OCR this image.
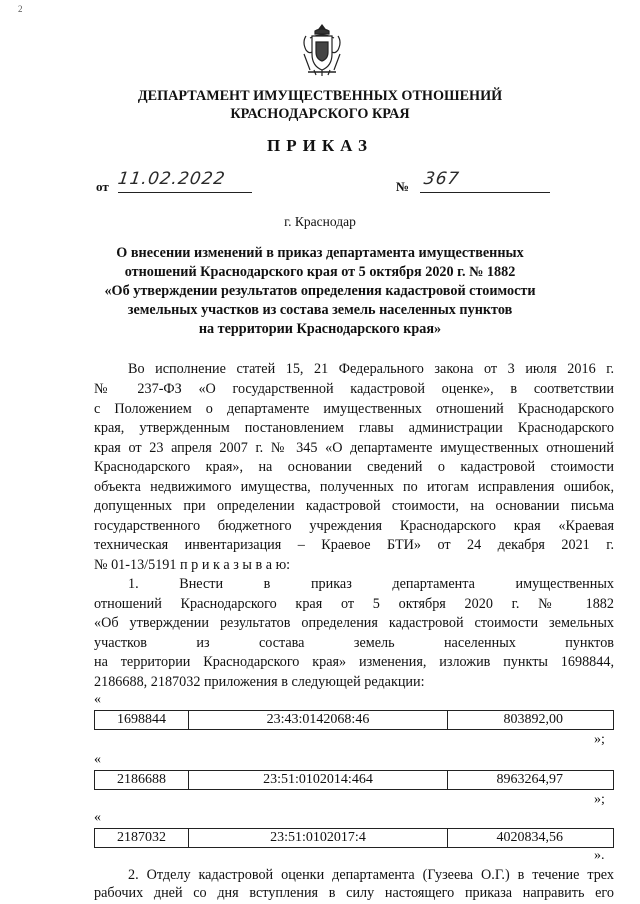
2
ДЕПАРТАМЕНТ ИМУЩЕСТВЕННЫХ ОТНОШЕНИЙ
КРАСНОДАРСКОГО КРАЯ
ПРИКАЗ
от 11.02.2022	№ 367
г. Краснодар
О внесении изменений в приказ департамента имущественных
отношений Краснодарского края от 5 октября 2020 г. № 1882
«Об утверждении результатов определения кадастровой стоимости
земельных участков из состава земель населенных пунктов
на территории Краснодарского края»
Во исполнение статей 15, 21 Федерального закона от 3 июля 2016 г.
№ 237-ФЗ «О государственной кадастровой оценке», в соответствии
с Положением о департаменте имущественных отношений Краснодарского
края, утвержденным постановлением главы администрации Краснодарского
края от 23 апреля 2007 г. № 345 «О департаменте имущественных отношений
Краснодарского края», на основании сведений о кадастровой стоимости
объекта недвижимого имущества, полученных по итогам исправления ошибок,
допущенных при определении кадастровой стоимости, на основании письма
государственного бюджетного учреждения Краснодарского края «Краевая
техническая инвентаризация – Краевое БТИ» от 24 декабря 2021 г.
№ 01-13/5191 п р и к а з ы в а ю:
1. Внести в приказ департамента имущественных
отношений Краснодарского края от 5 октября 2020 г. № 1882
«Об утверждении результатов определения кадастровой стоимости земельных
участков из состава земель населенных пунктов
на территории Краснодарского края» изменения, изложив пункты 1698844,
2186688, 2187032 приложения в следующей редакции:
«
1698844	23:43:0142068:46	803892,00
»;
«
2186688	23:51:0102014:464	8963264,97
»;
«
2187032	23:51:0102017:4	4020834,56
».
2. Отделу кадастровой оценки департамента (Гузеева О.Г.) в течение трех
рабочих дней со дня вступления в силу настоящего приказа направить его
